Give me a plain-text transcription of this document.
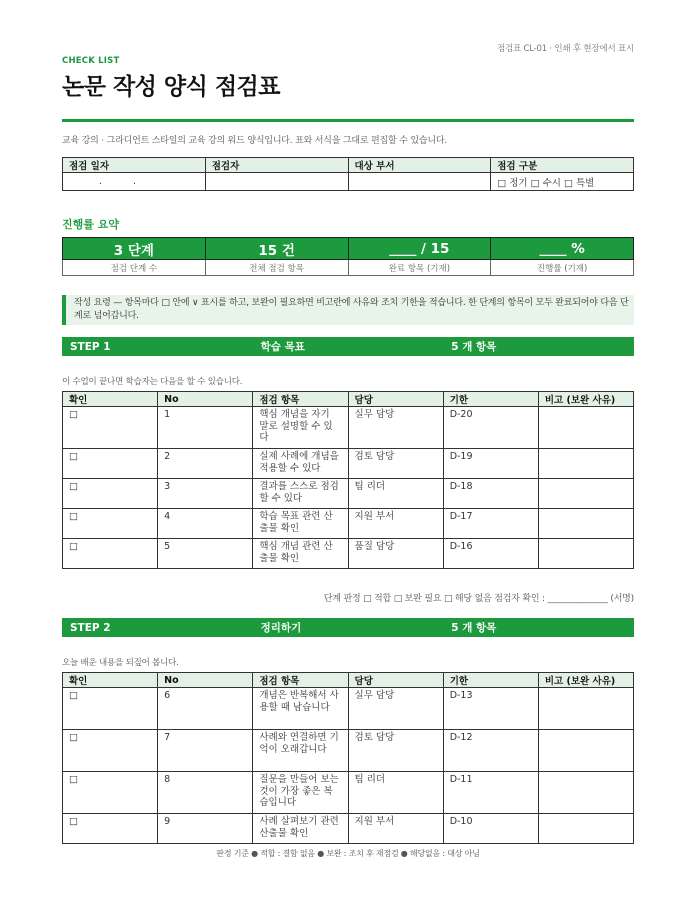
점검표 CL-01 · 인쇄 후 현장에서 표시
CHECK LIST
논문 작성 양식 점검표
교육 강의 · 그라디언트 스타일의 교육 강의 워드 양식입니다. 표와 서식을 그대로 편집할 수 있습니다.
점검 일자	점검자	대상 부서	점검 구분
. .			□ 정기 □ 수시 □ 특별
진행률 요약
3 단계	15 건	____ / 15	____ %
점검 단계 수	전체 점검 항목	완료 항목 (기재)	진행률 (기재)
작성 요령 — 항목마다 □ 안에 ∨ 표시를 하고, 보완이 필요하면 비고란에 사유와 조치 기한을 적습니다. 한 단계의 항목이 모두 완료되어야 다음 단계로 넘어갑니다.
STEP 1	학습 목표	5 개 항목
이 수업이 끝나면 학습자는 다음을 할 수 있습니다.
확인	No	점검 항목	담당	기한	비고 (보완 사유)
□	1	핵심 개념을 자기 말로 설명할 수 있다	실무 담당	D-20	
□	2	실제 사례에 개념을 적용할 수 있다	검토 담당	D-19	
□	3	결과를 스스로 점검할 수 있다	팀 리더	D-18	
□	4	학습 목표 관련 산출물 확인	지원 부서	D-17	
□	5	핵심 개념 관련 산출물 확인	품질 담당	D-16	
단계 판정 □ 적합 □ 보완 필요 □ 해당 없음 점검자 확인 : ______________ (서명)
STEP 2	정리하기	5 개 항목
오늘 배운 내용을 되짚어 봅니다.
확인	No	점검 항목	담당	기한	비고 (보완 사유)
□	6	개념은 반복해서 사용할 때 남습니다	실무 담당	D-13	
□	7	사례와 연결하면 기억이 오래갑니다	검토 담당	D-12	
□	8	질문을 만들어 보는 것이 가장 좋은 복습입니다	팀 리더	D-11	
□	9	사례 살펴보기 관련 산출물 확인	지원 부서	D-10	
판정 기준 ● 적합 : 결함 없음 ● 보완 : 조치 후 재점검 ● 해당없음 : 대상 아님
